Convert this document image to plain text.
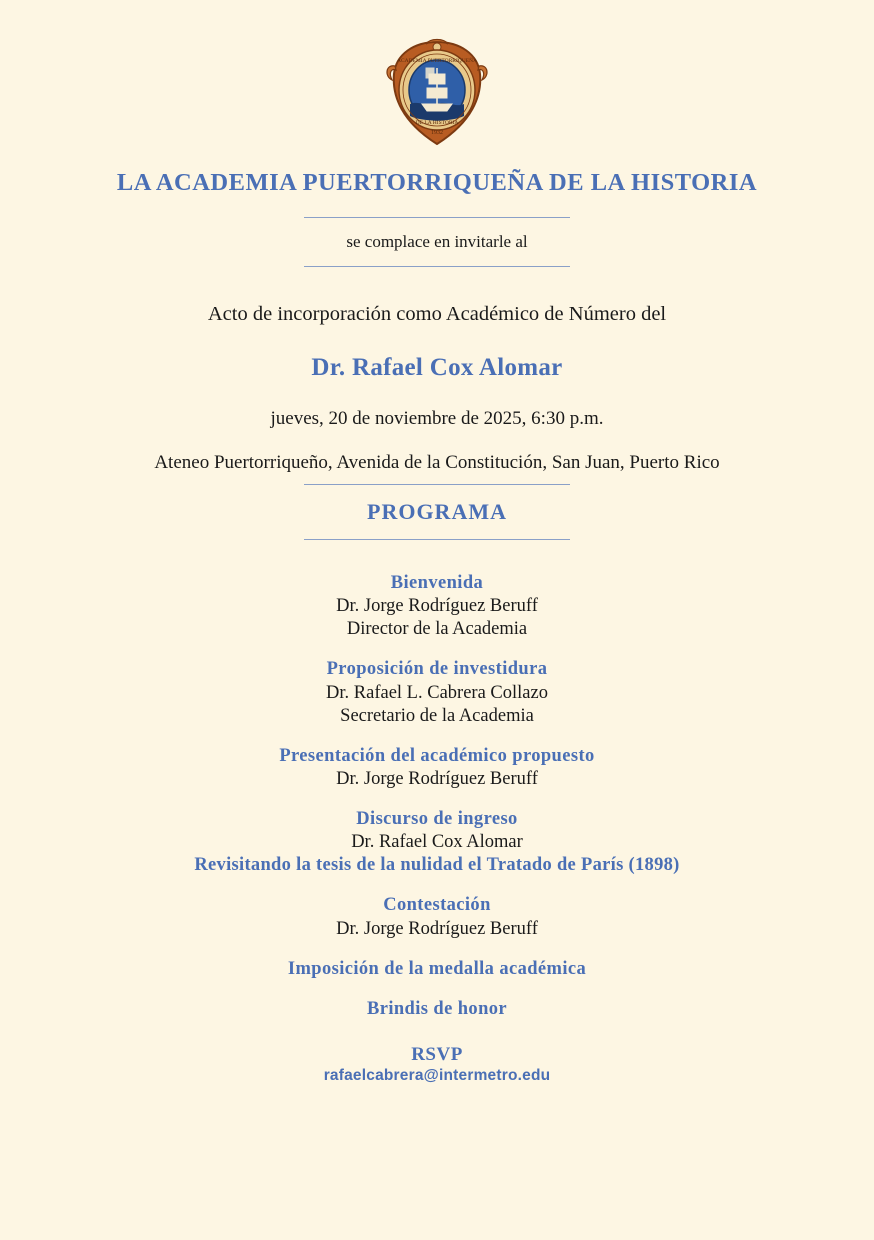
ACADEMIA PUERTORRIQUEÑA
DE LA HISTORIA
1932
LA ACADEMIA PUERTORRIQUEÑA DE LA HISTORIA
se complace en invitarle al
Acto de incorporación como Académico de Número del
Dr. Rafael Cox Alomar
jueves, 20 de noviembre de 2025, 6:30 p.m.
Ateneo Puertorriqueño, Avenida de la Constitución, San Juan, Puerto Rico
PROGRAMA
Bienvenida
Dr. Jorge Rodríguez Beruff
Director de la Academia
Proposición de investidura
Dr. Rafael L. Cabrera Collazo
Secretario de la Academia
Presentación del académico propuesto
Dr. Jorge Rodríguez Beruff
Discurso de ingreso
Dr. Rafael Cox Alomar
Revisitando la tesis de la nulidad el Tratado de París (1898)
Contestación
Dr. Jorge Rodríguez Beruff
Imposición de la medalla académica
Brindis de honor
RSVP
rafaelcabrera@intermetro.edu
